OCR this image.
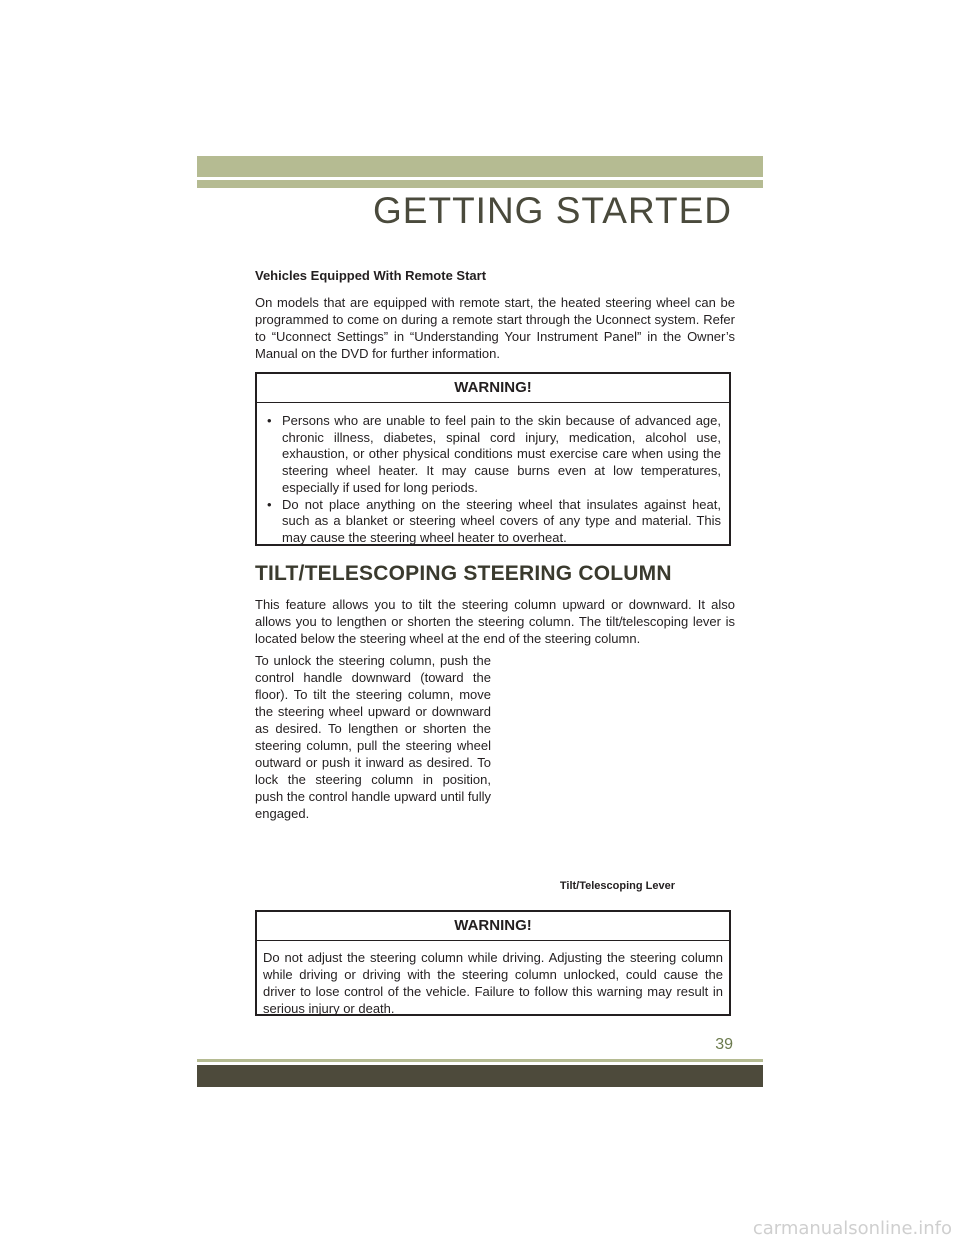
GETTING STARTED
Vehicles Equipped With Remote Start

On models that are equipped with remote start, the heated steering wheel can be programmed to come on during a remote start through the Uconnect system. Refer to “Uconnect Settings” in “Understanding Your Instrument Panel” in the Owner’s Manual on the DVD for further information.

WARNING!
• Persons who are unable to feel pain to the skin because of advanced age, chronic illness, diabetes, spinal cord injury, medication, alcohol use, exhaustion, or other physical conditions must exercise care when using the steering wheel heater. It may cause burns even at low temperatures, especially if used for long periods.
• Do not place anything on the steering wheel that insulates against heat, such as a blanket or steering wheel covers of any type and material. This may cause the steering wheel heater to overheat.
TILT/TELESCOPING STEERING COLUMN

This feature allows you to tilt the steering column upward or downward. It also allows you to lengthen or shorten the steering column. The tilt/telescoping lever is located below the steering wheel at the end of the steering column.

To unlock the steering column, push the control handle downward (toward the floor). To tilt the steering column, move the steering wheel upward or downward as desired. To lengthen or shorten the steering column, pull the steering wheel outward or push it inward as desired. To lock the steering column in position, push the control handle upward until fully engaged.

Tilt/Telescoping Lever
WARNING!

Do not adjust the steering column while driving. Adjusting the steering column while driving or driving with the steering column unlocked, could cause the driver to lose control of the vehicle. Failure to follow this warning may result in serious injury or death.

39
carmanualsonline.info
